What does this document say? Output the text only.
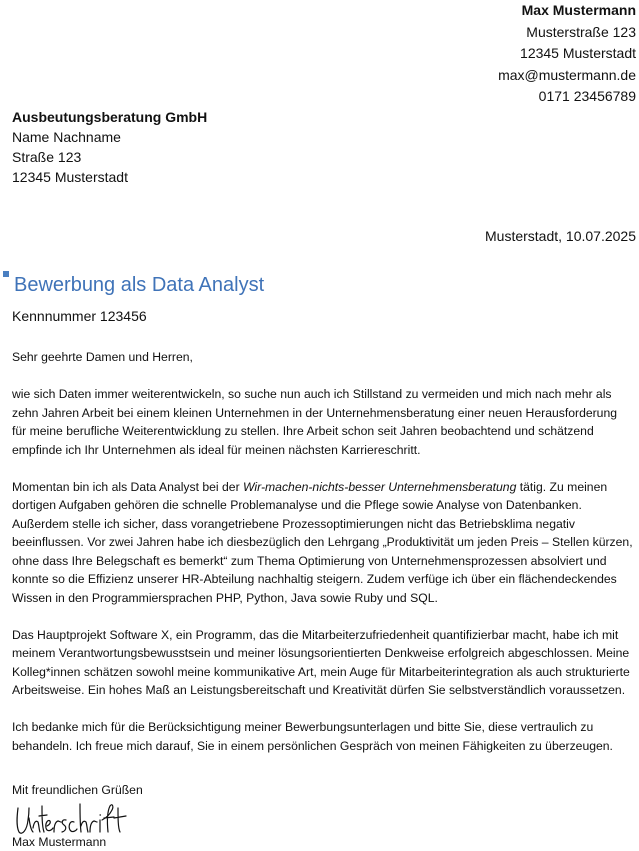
Max Mustermann
Musterstraße 123
12345 Musterstadt
max@mustermann.de
0171 23456789
Ausbeutungsberatung GmbH
Name Nachname
Straße 123
12345 Musterstadt
Musterstadt, 10.07.2025
Bewerbung als Data Analyst
Kennnummer 123456

Sehr geehrte Damen und Herren,

wie sich Daten immer weiterentwickeln, so suche nun auch ich Stillstand zu vermeiden und mich nach mehr als zehn Jahren Arbeit bei einem kleinen Unternehmen in der Unternehmensberatung einer neuen Herausforderung für meine berufliche Weiterentwicklung zu stellen. Ihre Arbeit schon seit Jahren beobachtend und schätzend empfinde ich Ihr Unternehmen als ideal für meinen nächsten Karriereschritt.

Momentan bin ich als Data Analyst bei der Wir-machen-nichts-besser Unternehmensberatung tätig. Zu meinen dortigen Aufgaben gehören die schnelle Problemanalyse und die Pflege sowie Analyse von Datenbanken. Außerdem stelle ich sicher, dass vorangetriebene Prozessoptimierungen nicht das Betriebsklima negativ beeinflussen. Vor zwei Jahren habe ich diesbezüglich den Lehrgang „Produktivität um jeden Preis – Stellen kürzen, ohne dass Ihre Belegschaft es bemerkt“ zum Thema Optimierung von Unternehmensprozessen absolviert und konnte so die Effizienz unserer HR-Abteilung nachhaltig steigern. Zudem verfüge ich über ein flächendeckendes Wissen in den Programmiersprachen PHP, Python, Java sowie Ruby und SQL.

Das Hauptprojekt Software X, ein Programm, das die Mitarbeiterzufriedenheit quantifizierbar macht, habe ich mit meinem Verantwortungsbewusstsein und meiner lösungsorientierten Denkweise erfolgreich abgeschlossen. Meine Kolleg*innen schätzen sowohl meine kommunikative Art, mein Auge für Mitarbeiterintegration als auch strukturierte Arbeitsweise. Ein hohes Maß an Leistungsbereitschaft und Kreativität dürfen Sie selbstverständlich voraussetzen.

Ich bedanke mich für die Berücksichtigung meiner Bewerbungsunterlagen und bitte Sie, diese vertraulich zu behandeln. Ich freue mich darauf, Sie in einem persönlichen Gespräch von meinen Fähigkeiten zu überzeugen.

Mit freundlichen Grüßen
Max Mustermann
